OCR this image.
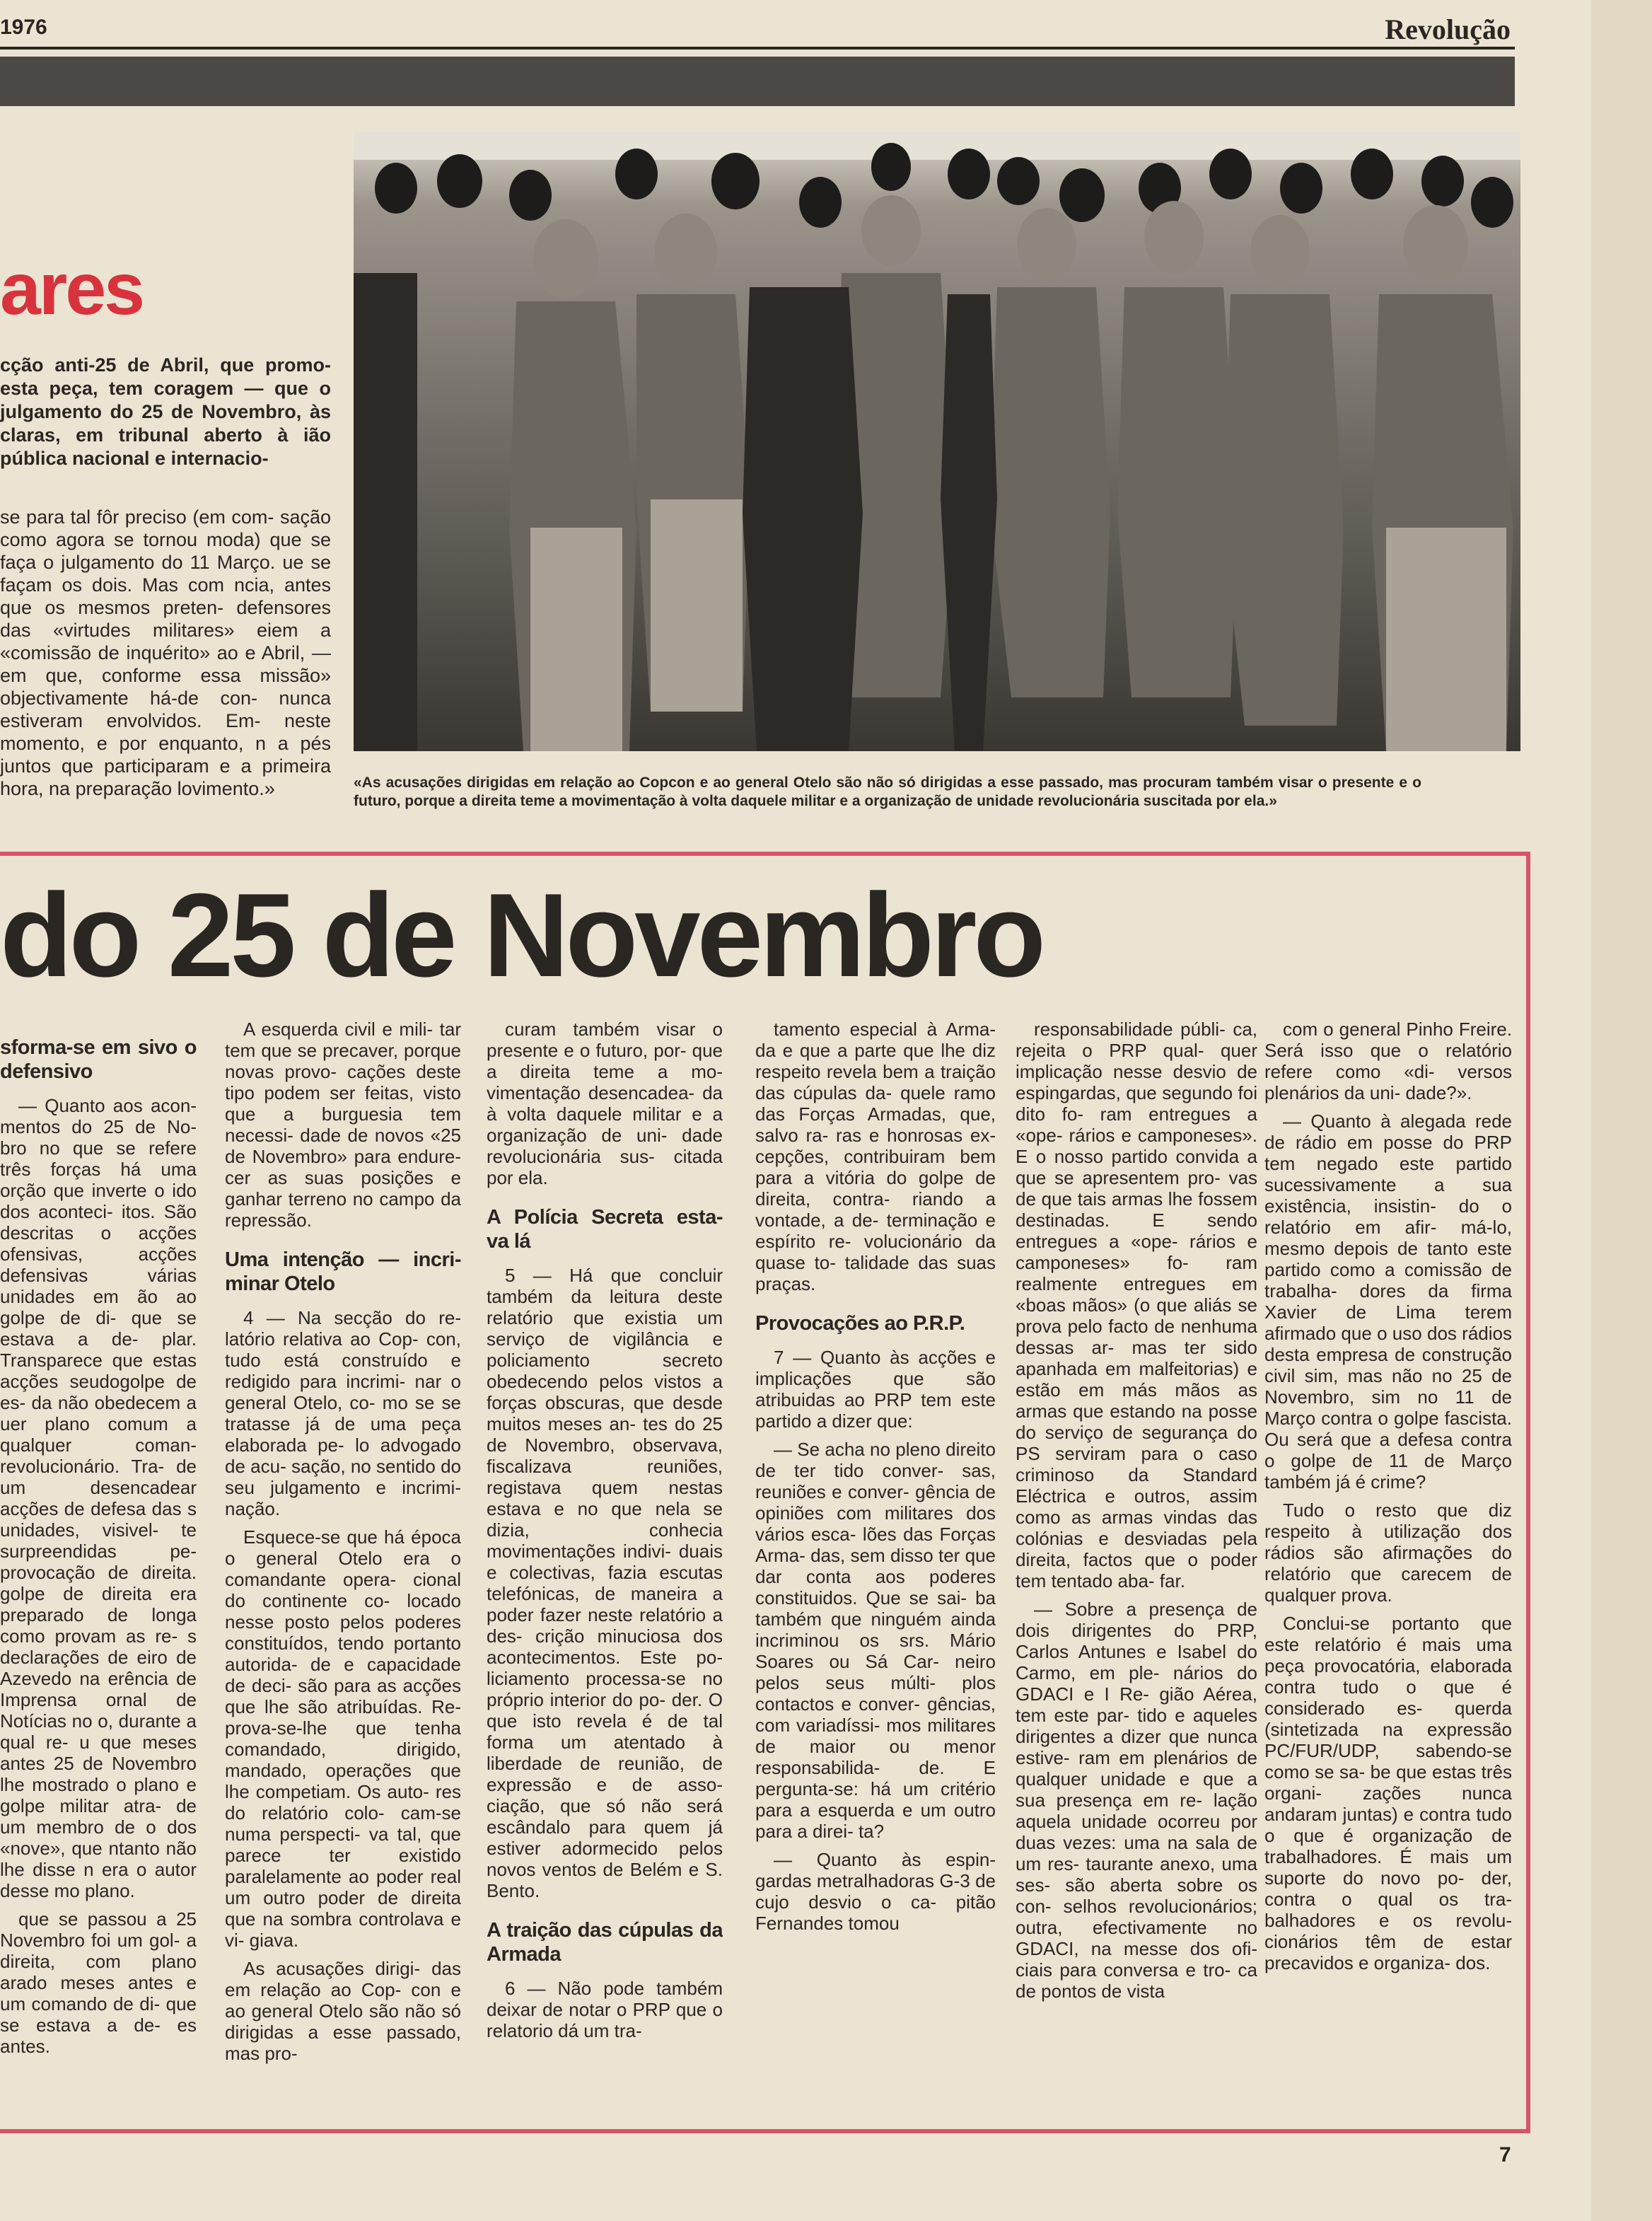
1976	Revolução
ares
cção anti-25 de Abril, que promo- esta peça, tem coragem — que o julgamento do 25 de Novembro, às claras, em tribunal aberto à ião pública nacional e internacio-
se para tal fôr preciso (em com- sação como agora se tornou moda) que se faça o julgamento do 11 Março. ue se façam os dois. Mas com ncia, antes que os mesmos preten- defensores das «virtudes militares» eiem a «comissão de inquérito» ao e Abril, — em que, conforme essa missão» objectivamente há-de con- nunca estiveram envolvidos. Em- neste momento, e por enquanto, n a pés juntos que participaram e a primeira hora, na preparação lovimento.»	«As acusações dirigidas em relação ao Copcon e ao general Otelo são não só dirigidas a esse passado, mas procuram também visar o presente e o futuro, porque a direita teme a movimentação à volta daquele militar e a organização de unidade revolucionária suscitada por ela.»
do 25 de Novembro

sforma-se em sivo o defensivo

— Quanto aos acon- mentos do 25 de No- bro no que se refere três forças há uma orção que inverte o ido dos aconteci- itos. São descritas o acções ofensivas, acções defensivas várias unidades em ão ao golpe de di- que se estava a de- plar. Transparece que estas acções seudogolpe de es- da não obedecem a uer plano comum a qualquer coman- revolucionário. Tra- de um desencadear acções de defesa das s unidades, visivel- te surpreendidas pe- provocação de direita. golpe de direita era preparado de longa como provam as re- s declarações de eiro de Azevedo na erência de Imprensa ornal de Notícias no o, durante a qual re- u que meses antes 25 de Novembro lhe mostrado o plano e golpe militar atra- de um membro de o dos «nove», que ntanto não lhe disse n era o autor desse mo plano.

que se passou a 25 Novembro foi um gol- a direita, com plano arado meses antes e um comando de di- que se estava a de- es antes.

A esquerda civil e mili- tar tem que se precaver, porque novas provo- cações deste tipo podem ser feitas, visto que a burguesia tem necessi- dade de novos «25 de Novembro» para endure- cer as suas posições e ganhar terreno no campo da repressão.

Uma intenção — incri- minar Otelo

4 — Na secção do re- latório relativa ao Cop- con, tudo está construído e redigido para incrimi- nar o general Otelo, co- mo se se tratasse já de uma peça elaborada pe- lo advogado de acu- sação, no sentido do seu julgamento e incrimi- nação.

Esquece-se que há época o general Otelo era o comandante opera- cional do continente co- locado nesse posto pelos poderes constituídos, tendo portanto autorida- de e capacidade de deci- são para as acções que lhe são atribuídas. Re- prova-se-lhe que tenha comandado, dirigido, mandado, operações que lhe competiam. Os auto- res do relatório colo- cam-se numa perspecti- va tal, que parece ter existido paralelamente ao poder real um outro poder de direita que na sombra controlava e vi- giava.

As acusações dirigi- das em relação ao Cop- con e ao general Otelo são não só dirigidas a esse passado, mas pro-

curam também visar o presente e o futuro, por- que a direita teme a mo- vimentação desencadea- da à volta daquele militar e a organização de uni- dade revolucionária sus- citada por ela.

A Polícia Secreta esta- va lá

5 — Há que concluir também da leitura deste relatório que existia um serviço de vigilância e policiamento secreto obedecendo pelos vistos a forças obscuras, que desde muitos meses an- tes do 25 de Novembro, observava, fiscalizava reuniões, registava quem nestas estava e no que nela se dizia, conhecia movimentações indivi- duais e colectivas, fazia escutas telefónicas, de maneira a poder fazer neste relatório a des- crição minuciosa dos acontecimentos. Este po- liciamento processa-se no próprio interior do po- der. O que isto revela é de tal forma um atentado à liberdade de reunião, de expressão e de asso- ciação, que só não será escândalo para quem já estiver adormecido pelos novos ventos de Belém e S. Bento.

A traição das cúpulas da Armada

6 — Não pode também deixar de notar o PRP que o relatorio dá um tra-

tamento especial à Arma- da e que a parte que lhe diz respeito revela bem a traição das cúpulas da- quele ramo das Forças Armadas, que, salvo ra- ras e honrosas ex- cepções, contribuiram bem para a vitória do golpe de direita, contra- riando a vontade, a de- terminação e espírito re- volucionário da quase to- talidade das suas praças.

Provocações ao P.R.P.

7 — Quanto às acções e implicações que são atribuidas ao PRP tem este partido a dizer que:

— Se acha no pleno direito de ter tido conver- sas, reuniões e conver- gência de opiniões com militares dos vários esca- lões das Forças Arma- das, sem disso ter que dar conta aos poderes constituidos. Que se sai- ba também que ninguém ainda incriminou os srs. Mário Soares ou Sá Car- neiro pelos seus múlti- plos contactos e conver- gências, com variadíssi- mos militares de maior ou menor responsabilida- de. E pergunta-se: há um critério para a esquerda e um outro para a direi- ta?

— Quanto às espin- gardas metralhadoras G-3 de cujo desvio o ca- pitão Fernandes tomou

responsabilidade públi- ca, rejeita o PRP qual- quer implicação nesse desvio de espingardas, que segundo foi dito fo- ram entregues a «ope- rários e camponeses». E o nosso partido convida a que se apresentem pro- vas de que tais armas lhe fossem destinadas. E sendo entregues a «ope- rários e camponeses» fo- ram realmente entregues em «boas mãos» (o que aliás se prova pelo facto de nenhuma dessas ar- mas ter sido apanhada em malfeitorias) e estão em más mãos as armas que estando na posse do serviço de segurança do PS serviram para o caso criminoso da Standard Eléctrica e outros, assim como as armas vindas das colónias e desviadas pela direita, factos que o poder tem tentado aba- far.

— Sobre a presença de dois dirigentes do PRP, Carlos Antunes e Isabel do Carmo, em ple- nários do GDACI e I Re- gião Aérea, tem este par- tido e aqueles dirigentes a dizer que nunca estive- ram em plenários de qualquer unidade e que a sua presença em re- lação aquela unidade ocorreu por duas vezes: uma na sala de um res- taurante anexo, uma ses- são aberta sobre os con- selhos revolucionários; outra, efectivamente no GDACI, na messe dos ofi- ciais para conversa e tro- ca de pontos de vista

com o general Pinho Freire. Será isso que o relatório refere como «di- versos plenários da uni- dade?».

— Quanto à alegada rede de rádio em posse do PRP tem negado este partido sucessivamente a sua existência, insistin- do o relatório em afir- má-lo, mesmo depois de tanto este partido como a comissão de trabalha- dores da firma Xavier de Lima terem afirmado que o uso dos rádios desta empresa de construção civil sim, mas não no 25 de Novembro, sim no 11 de Março contra o golpe fascista. Ou será que a defesa contra o golpe de 11 de Março também já é crime?

Tudo o resto que diz respeito à utilização dos rádios são afirmações do relatório que carecem de qualquer prova.

Conclui-se portanto que este relatório é mais uma peça provocatória, elaborada contra tudo o que é considerado es- querda (sintetizada na expressão PC/FUR/UDP, sabendo-se como se sa- be que estas três organi- zações nunca andaram juntas) e contra tudo o que é organização de trabalhadores. É mais um suporte do novo po- der, contra o qual os tra- balhadores e os revolu- cionários têm de estar precavidos e organiza- dos.

7
